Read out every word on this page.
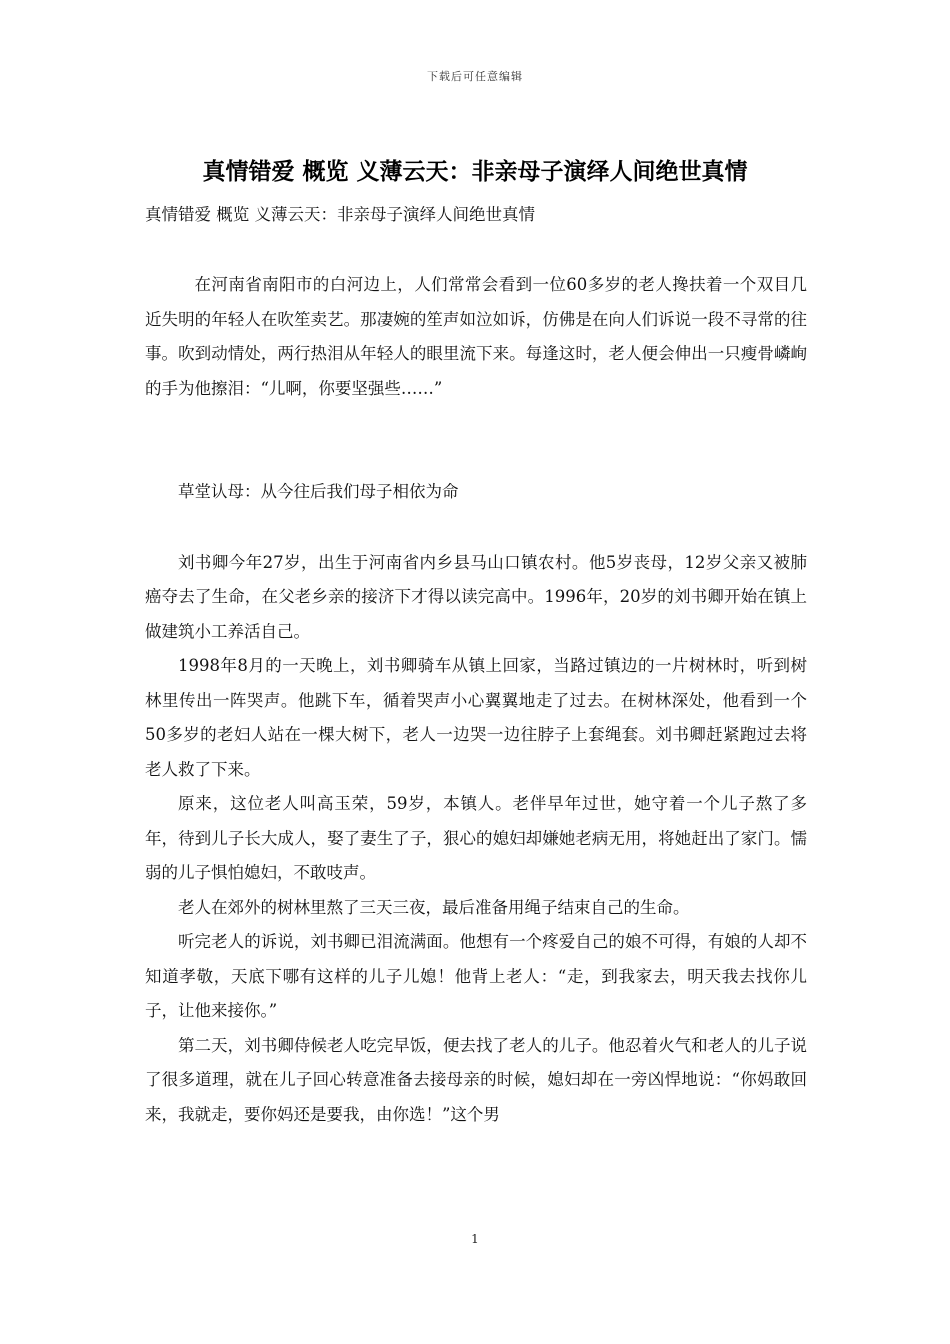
下载后可任意编辑
真情错爱 概览 义薄云天：非亲母子演绎人间绝世真情
真情错爱 概览 义薄云天：非亲母子演绎人间绝世真情

在河南省南阳市的白河边上，人们常常会看到一位60多岁的老人搀扶着一个双目几近失明的年轻人在吹笙卖艺。那凄婉的笙声如泣如诉，仿佛是在向人们诉说一段不寻常的往事。吹到动情处，两行热泪从年轻人的眼里流下来。每逢这时，老人便会伸出一只瘦骨嶙峋的手为他擦泪：“儿啊，你要坚强些……”

草堂认母：从今往后我们母子相依为命

刘书卿今年27岁，出生于河南省内乡县马山口镇农村。他5岁丧母，12岁父亲又被肺癌夺去了生命，在父老乡亲的接济下才得以读完高中。1996年，20岁的刘书卿开始在镇上做建筑小工养活自己。

1998年8月的一天晚上，刘书卿骑车从镇上回家，当路过镇边的一片树林时，听到树林里传出一阵哭声。他跳下车，循着哭声小心翼翼地走了过去。在树林深处，他看到一个50多岁的老妇人站在一棵大树下，老人一边哭一边往脖子上套绳套。刘书卿赶紧跑过去将老人救了下来。

原来，这位老人叫高玉荣，59岁，本镇人。老伴早年过世，她守着一个儿子熬了多年，待到儿子长大成人，娶了妻生了子，狠心的媳妇却嫌她老病无用，将她赶出了家门。懦弱的儿子惧怕媳妇，不敢吱声。

老人在郊外的树林里熬了三天三夜，最后准备用绳子结束自己的生命。

听完老人的诉说，刘书卿已泪流满面。他想有一个疼爱自己的娘不可得，有娘的人却不知道孝敬，天底下哪有这样的儿子儿媳！他背上老人：“走，到我家去，明天我去找你儿子，让他来接你。”

第二天，刘书卿侍候老人吃完早饭，便去找了老人的儿子。他忍着火气和老人的儿子说了很多道理，就在儿子回心转意准备去接母亲的时候，媳妇却在一旁凶悍地说：“你妈敢回来，我就走，要你妈还是要我，由你选！”这个男

1
